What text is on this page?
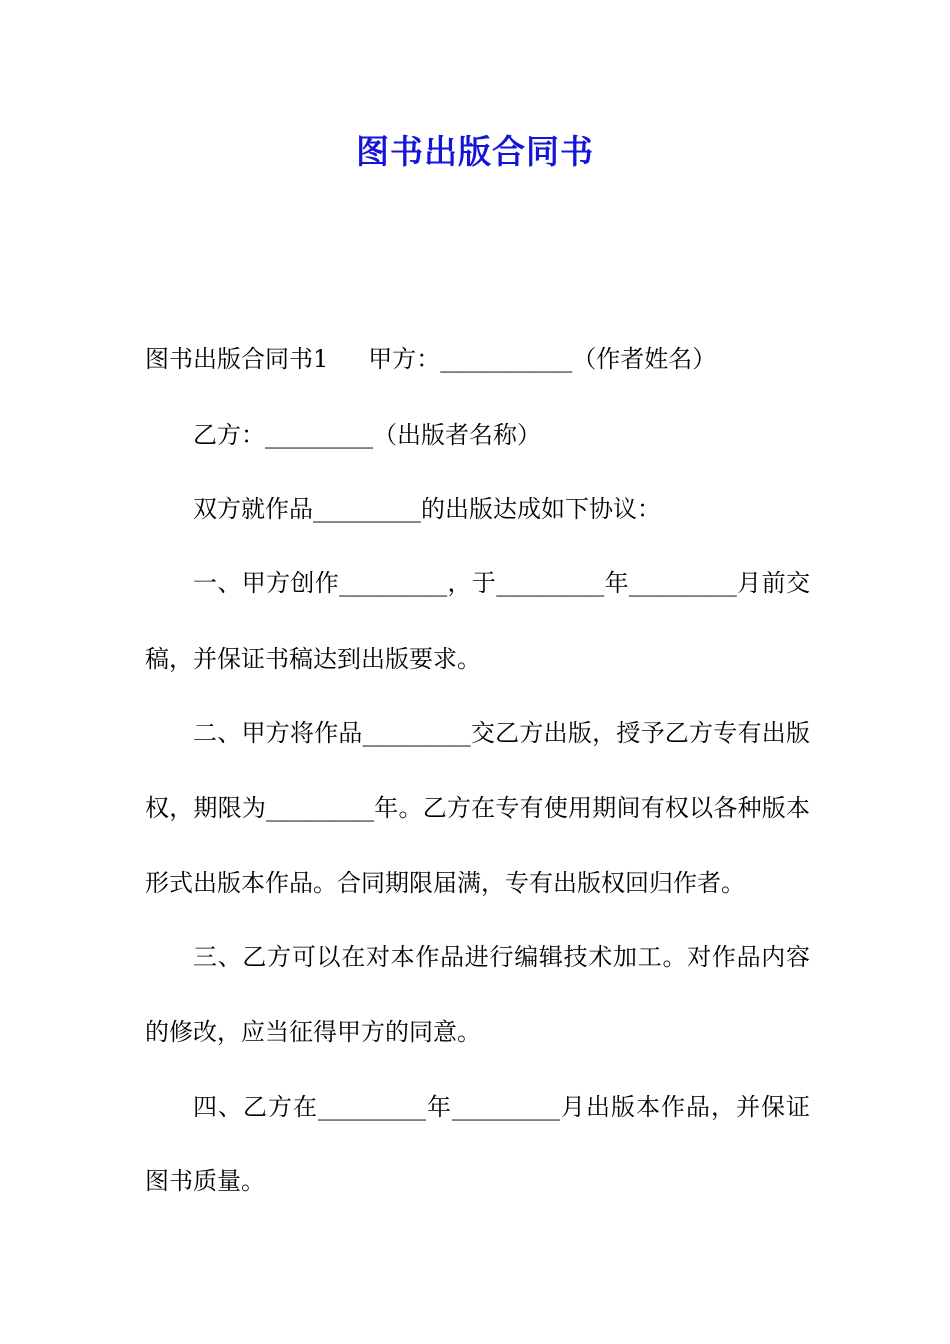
图书出版合同书
图书出版合同书1 甲方：___________（作者姓名）
乙方：_________（出版者名称）
双方就作品_________的出版达成如下协议：
一、甲方创作_________，于_________年_________月前交
稿，并保证书稿达到出版要求。
二、甲方将作品_________交乙方出版，授予乙方专有出版
权，期限为_________年。乙方在专有使用期间有权以各种版本
形式出版本作品。合同期限届满，专有出版权回归作者。
三、乙方可以在对本作品进行编辑技术加工。对作品内容
的修改，应当征得甲方的同意。
四、乙方在_________年_________月出版本作品，并保证
图书质量。
